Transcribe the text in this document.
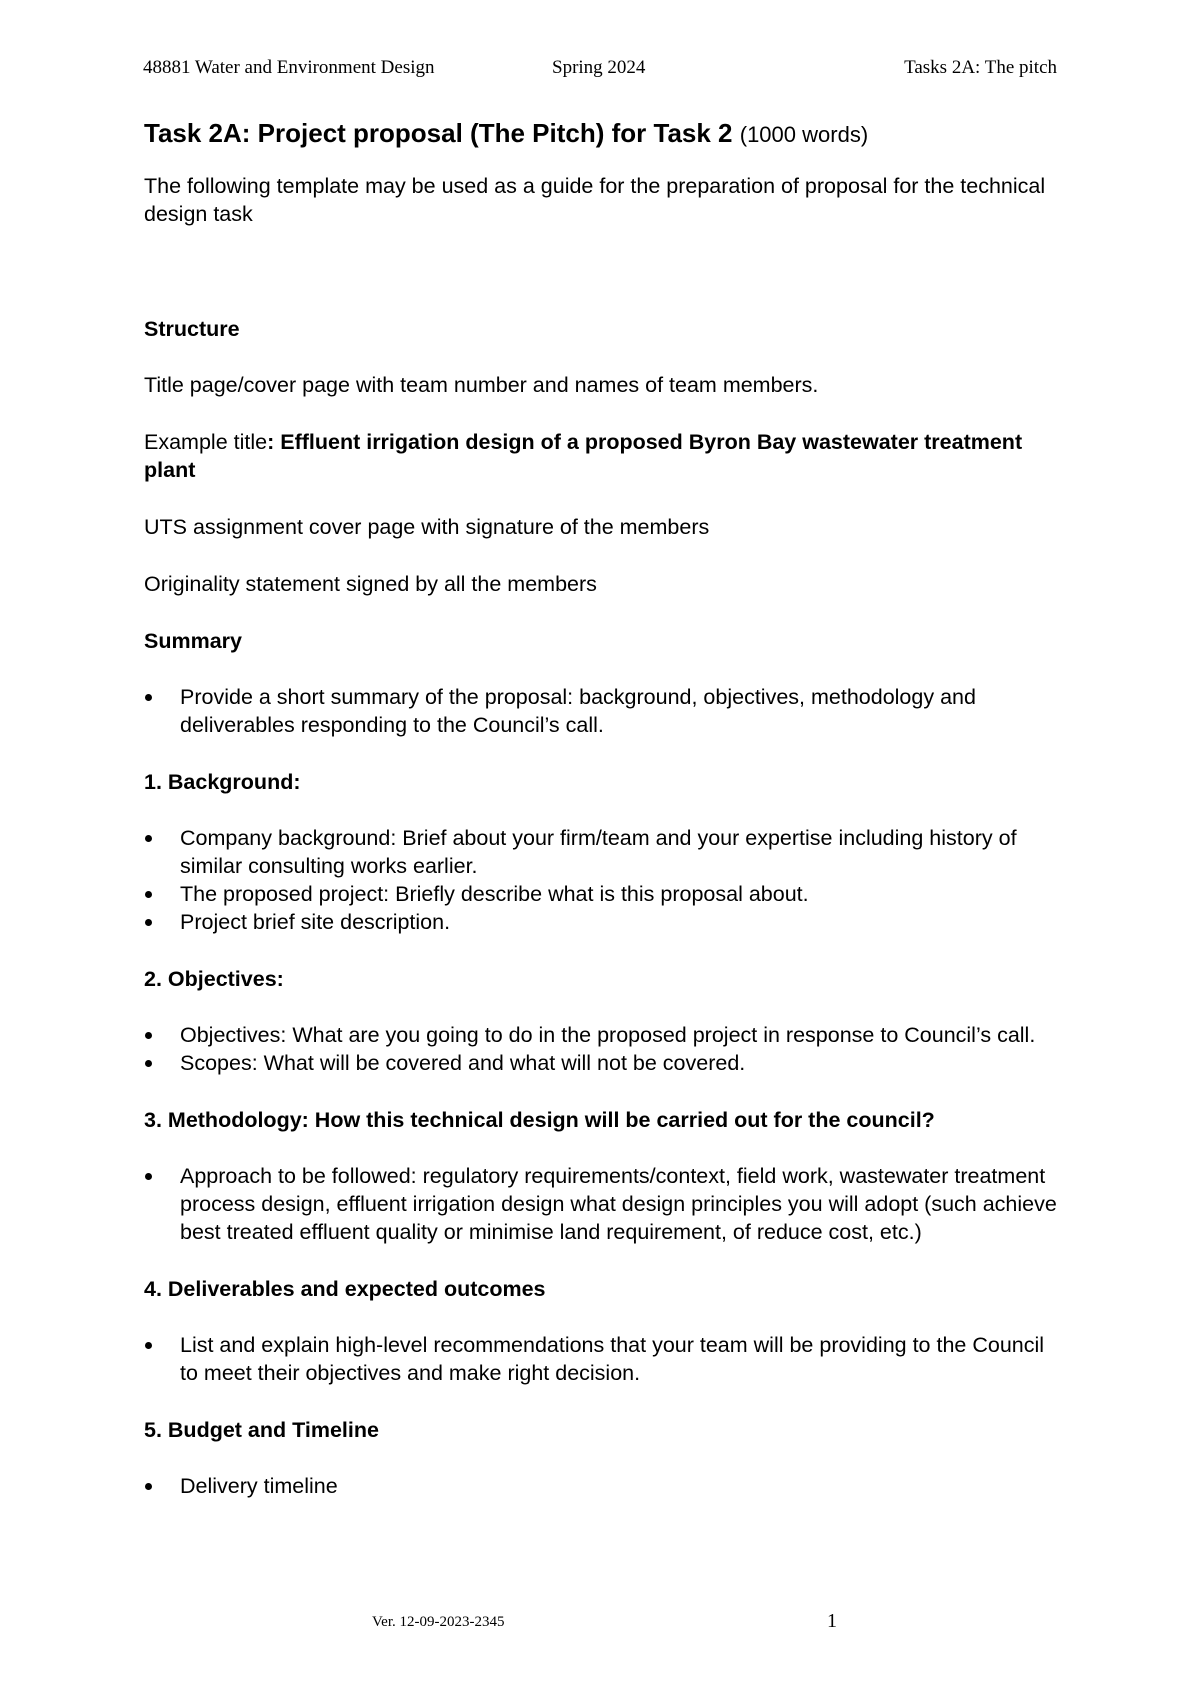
48881 Water and Environment Design	Spring 2024	Tasks 2A: The pitch
Task 2A: Project proposal (The Pitch) for Task 2 (1000 words)
The following template may be used as a guide for the preparation of proposal for the technical design task
Structure
Title page/cover page with team number and names of team members.
Example title: Effluent irrigation design of a proposed Byron Bay wastewater treatment plant
UTS assignment cover page with signature of the members
Originality statement signed by all the members
Summary
Provide a short summary of the proposal: background, objectives, methodology and deliverables responding to the Council’s call.
1. Background:
Company background: Brief about your firm/team and your expertise including history of similar consulting works earlier.
The proposed project: Briefly describe what is this proposal about.
Project brief site description.
2. Objectives:
Objectives: What are you going to do in the proposed project in response to Council’s call.
Scopes: What will be covered and what will not be covered.
3. Methodology: How this technical design will be carried out for the council?
Approach to be followed: regulatory requirements/context, field work, wastewater treatment process design, effluent irrigation design what design principles you will adopt (such achieve best treated effluent quality or minimise land requirement, of reduce cost, etc.)
4. Deliverables and expected outcomes
List and explain high-level recommendations that your team will be providing to the Council to meet their objectives and make right decision.
5. Budget and Timeline
Delivery timeline
Ver. 12-09-2023-2345	1
